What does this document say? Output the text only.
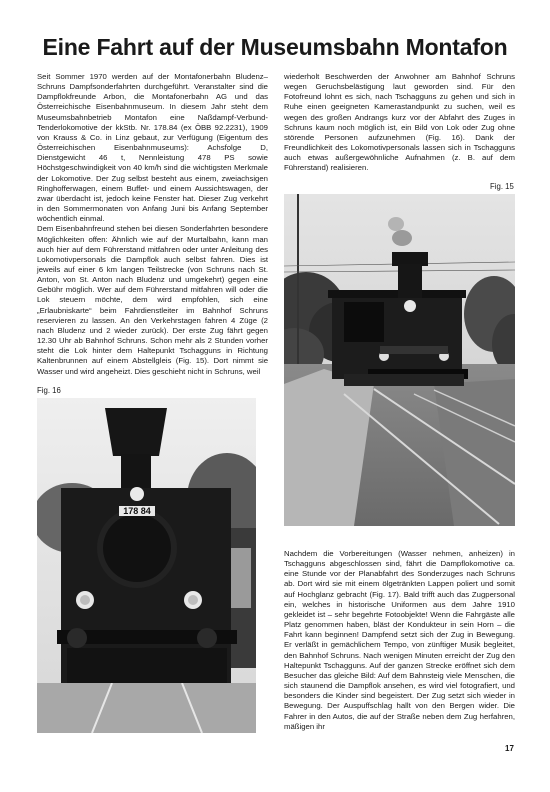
Eine Fahrt auf der Museumsbahn Montafon

Seit Sommer 1970 werden auf der Montafonerbahn Bludenz–Schruns Dampfsonderfahrten durchgeführt. Veranstalter sind die Dampflokfreunde Arbon, die Montafonerbahn AG und das Österreichische Eisenbahnmuseum. In diesem Jahr steht dem Museumsbahnbetrieb Montafon eine Naßdampf-Verbund-Tenderlokomotive der kkStb. Nr. 178.84 (ex ÖBB 92.2231), 1909 von Krauss & Co. in Linz gebaut, zur Verfügung (Eigentum des Österreichischen Eisenbahnmuseums): Achsfolge D, Dienstgewicht 46 t, Nennleistung 478 PS sowie Höchstgeschwindigkeit von 40 km/h sind die wichtigsten Merkmale der Lokomotive. Der Zug selbst besteht aus einem, zweiachsigen Ringhofferwagen, einem Buffet- und einem Aussichtswagen, der zwar überdacht ist, jedoch keine Fenster hat. Dieser Zug verkehrt in den Sommermonaten von Anfang Juni bis Anfang September wöchentlich einmal.

Dem Eisenbahnfreund stehen bei diesen Sonderfahrten besondere Möglichkeiten offen: Ähnlich wie auf der Murtalbahn, kann man auch hier auf dem Führerstand mitfahren oder unter Anleitung des Lokomotivpersonals die Dampflok auch selbst fahren. Dies ist jeweils auf einer 6 km langen Teilstrecke (von Schruns nach St. Anton, von St. Anton nach Bludenz und umgekehrt) gegen eine Gebühr möglich. Wer auf dem Führerstand mitfahren will oder die Lok steuern möchte, dem wird empfohlen, sich eine „Erlaubniskarte“ beim Fahrdienstleiter im Bahnhof Schruns reservieren zu lassen. An den Verkehrstagen fahren 4 Züge (2 nach Bludenz und 2 wieder zurück). Der erste Zug fährt gegen 12.30 Uhr ab Bahnhof Schruns. Schon mehr als 2 Stunden vorher steht die Lok hinter dem Haltepunkt Tschagguns in Richtung Kaltenbrunnen auf einem Abstellgleis (Fig. 15). Dort nimmt sie Wasser und wird angeheizt. Dies geschieht nicht in Schruns, weil

wiederholt Beschwerden der Anwohner am Bahnhof Schruns wegen Geruchsbelästigung laut geworden sind. Für den Fotofreund lohnt es sich, nach Tschagguns zu gehen und sich in Ruhe einen geeigneten Kamerastandpunkt zu suchen, weil es wegen des großen Andrangs kurz vor der Abfahrt des Zuges in Schruns kaum noch möglich ist, ein Bild von Lok oder Zug ohne störende Personen aufzunehmen (Fig. 16). Dank der Freundlichkeit des Lokomotivpersonals lassen sich in Tschagguns auch etwas außergewöhnliche Aufnahmen (z. B. auf dem Führerstand) realisieren.

Fig. 15
Fig. 16
178 84

Nachdem die Vorbereitungen (Wasser nehmen, anheizen) in Tschagguns abgeschlossen sind, fährt die Dampflokomotive ca. eine Stunde vor der Planabfahrt des Sonderzuges nach Schruns ab. Dort wird sie mit einem ölgetränkten Lappen poliert und somit auf Hochglanz gebracht (Fig. 17). Bald trifft auch das Zugpersonal ein, welches in historische Uniformen aus dem Jahre 1910 gekleidet ist – sehr begehrte Fotoobjekte! Wenn die Fahrgäste alle Platz genommen haben, bläst der Kondukteur in sein Horn – die Fahrt kann beginnen! Dampfend setzt sich der Zug in Bewegung. Er verläßt in gemächlichem Tempo, von zünftiger Musik begleitet, den Bahnhof Schruns. Nach wenigen Minuten erreicht der Zug den Haltepunkt Tschagguns. Auf der ganzen Strecke eröffnet sich dem Besucher das gleiche Bild: Auf dem Bahnsteig viele Menschen, die sich staunend die Dampflok ansehen, es wird viel fotografiert, und besonders die Kinder sind begeistert. Der Zug setzt sich wieder in Bewegung. Der Auspuffschlag hallt von den Bergen wider. Die Fahrer in den Autos, die auf der Straße neben dem Zug herfahren, mäßigen ihr

17
